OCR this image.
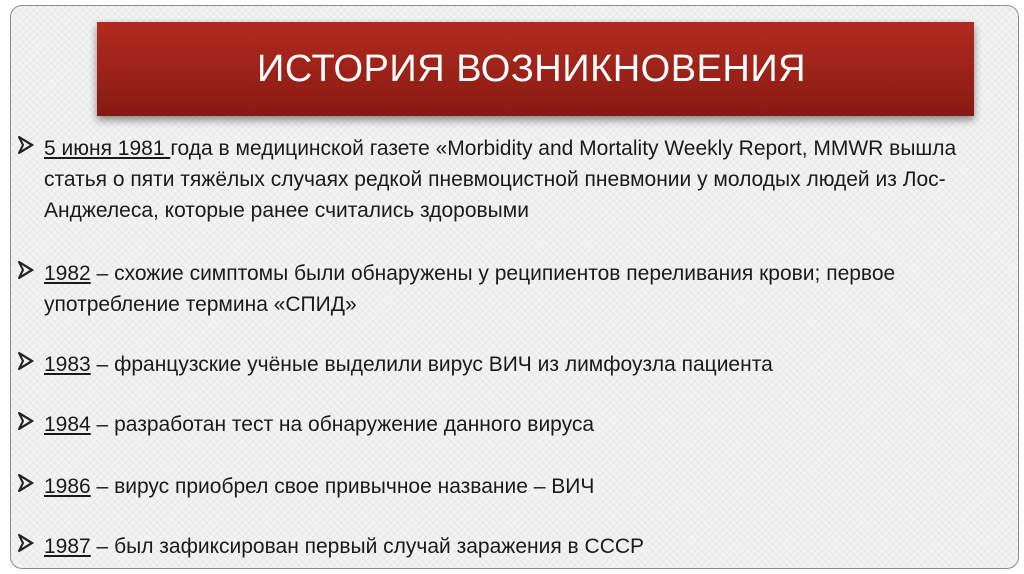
ИСТОРИЯ ВОЗНИКНОВЕНИЯ
5 июня 1981 года в медицинской газете «Morbidity and Mortality Weekly Report, MMWR вышла статья о пяти тяжёлых случаях редкой пневмоцистной пневмонии у молодых людей из Лос-Анджелеса, которые ранее считались здоровыми
1982 – схожие симптомы были обнаружены у реципиентов переливания крови; первое употребление термина «СПИД»
1983 – французские учёные выделили вирус ВИЧ из лимфоузла пациента
1984 – разработан тест на обнаружение данного вируса
1986 – вирус приобрел свое привычное название – ВИЧ
1987 – был зафиксирован первый случай заражения в СССР
